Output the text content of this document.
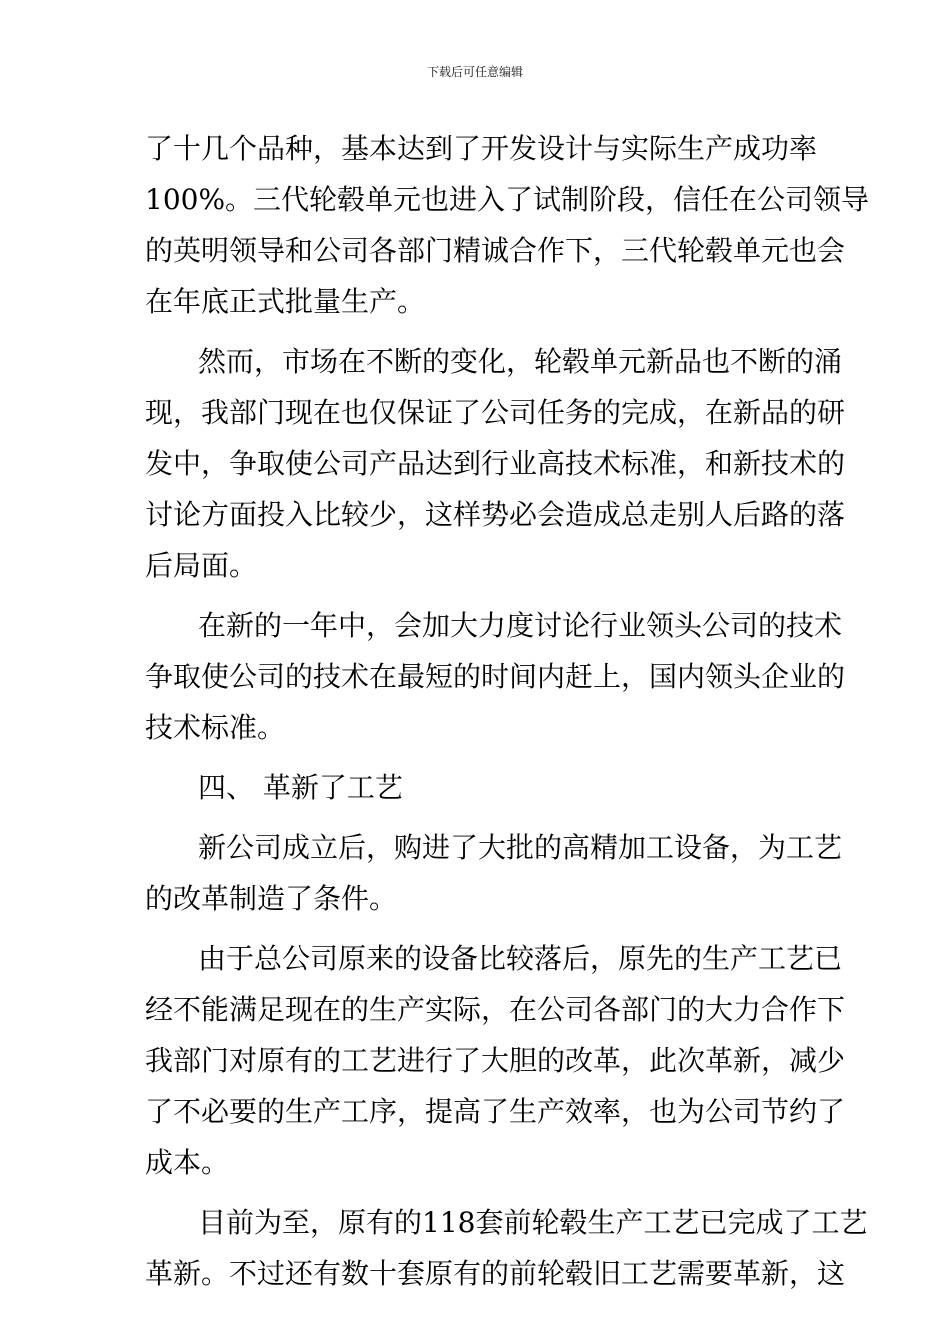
下载后可任意编辑
了十几个品种，基本达到了开发设计与实际生产成功率
100%。三代轮毂单元也进入了试制阶段，信任在公司领导
的英明领导和公司各部门精诚合作下，三代轮毂单元也会
在年底正式批量生产。
然而，市场在不断的变化，轮毂单元新品也不断的涌
现，我部门现在也仅保证了公司任务的完成，在新品的研
发中，争取使公司产品达到行业高技术标准，和新技术的
讨论方面投入比较少，这样势必会造成总走别人后路的落
后局面。
在新的一年中，会加大力度讨论行业领头公司的技术
争取使公司的技术在最短的时间内赶上，国内领头企业的
技术标准。
四、 革新了工艺
新公司成立后，购进了大批的高精加工设备，为工艺
的改革制造了条件。
由于总公司原来的设备比较落后，原先的生产工艺已
经不能满足现在的生产实际，在公司各部门的大力合作下
我部门对原有的工艺进行了大胆的改革，此次革新，减少
了不必要的生产工序，提高了生产效率，也为公司节约了
成本。
目前为至，原有的118套前轮毂生产工艺已完成了工艺
革新。不过还有数十套原有的前轮毂旧工艺需要革新，这
